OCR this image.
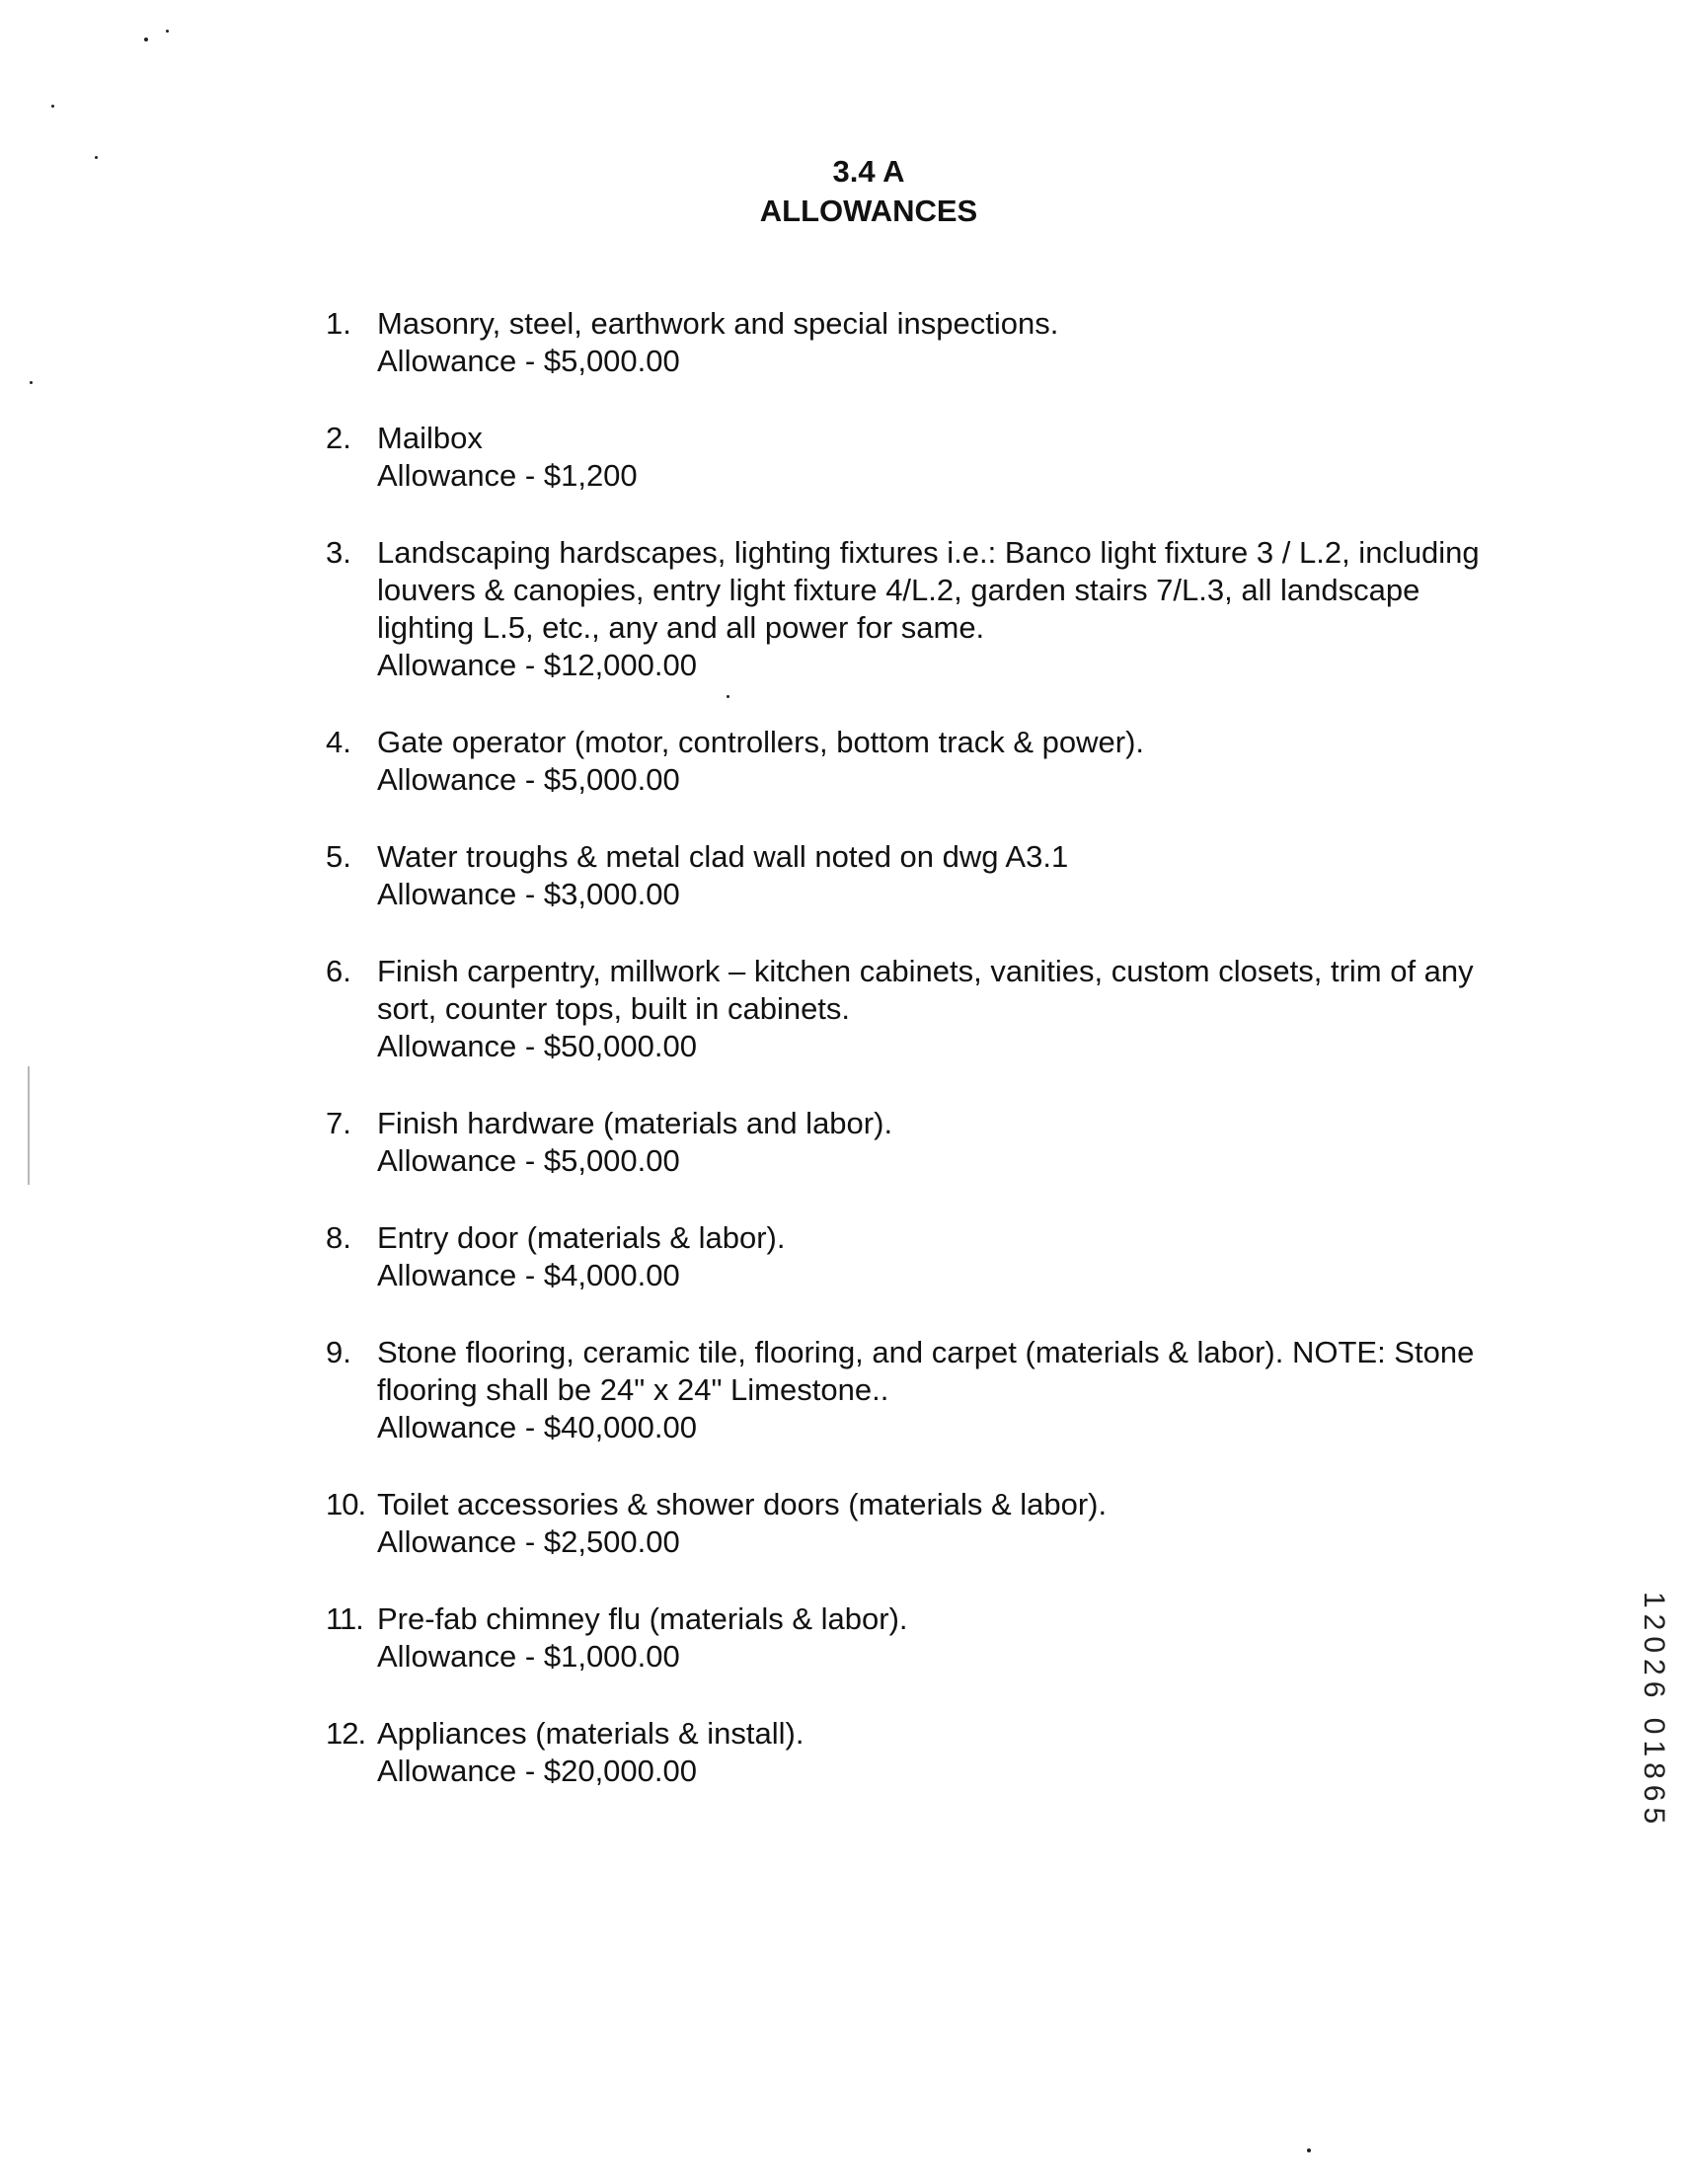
3.4 A
ALLOWANCES
1. Masonry, steel, earthwork and special inspections.
Allowance - $5,000.00
2. Mailbox
Allowance - $1,200
3. Landscaping hardscapes, lighting fixtures i.e.: Banco light fixture 3 / L.2, including louvers & canopies, entry light fixture 4/L.2, garden stairs 7/L.3, all landscape lighting L.5, etc., any and all power for same.
Allowance - $12,000.00
4. Gate operator (motor, controllers, bottom track & power).
Allowance - $5,000.00
5. Water troughs & metal clad wall noted on dwg A3.1
Allowance - $3,000.00
6. Finish carpentry, millwork – kitchen cabinets, vanities, custom closets, trim of any sort, counter tops, built in cabinets.
Allowance - $50,000.00
7. Finish hardware (materials and labor).
Allowance - $5,000.00
8. Entry door (materials & labor).
Allowance - $4,000.00
9. Stone flooring, ceramic tile, flooring, and carpet (materials & labor). NOTE: Stone flooring shall be 24" x 24" Limestone..
Allowance - $40,000.00
10. Toilet accessories & shower doors (materials & labor).
Allowance - $2,500.00
11. Pre-fab chimney flu (materials & labor).
Allowance - $1,000.00
12. Appliances (materials & install).
Allowance - $20,000.00	12026 01865
